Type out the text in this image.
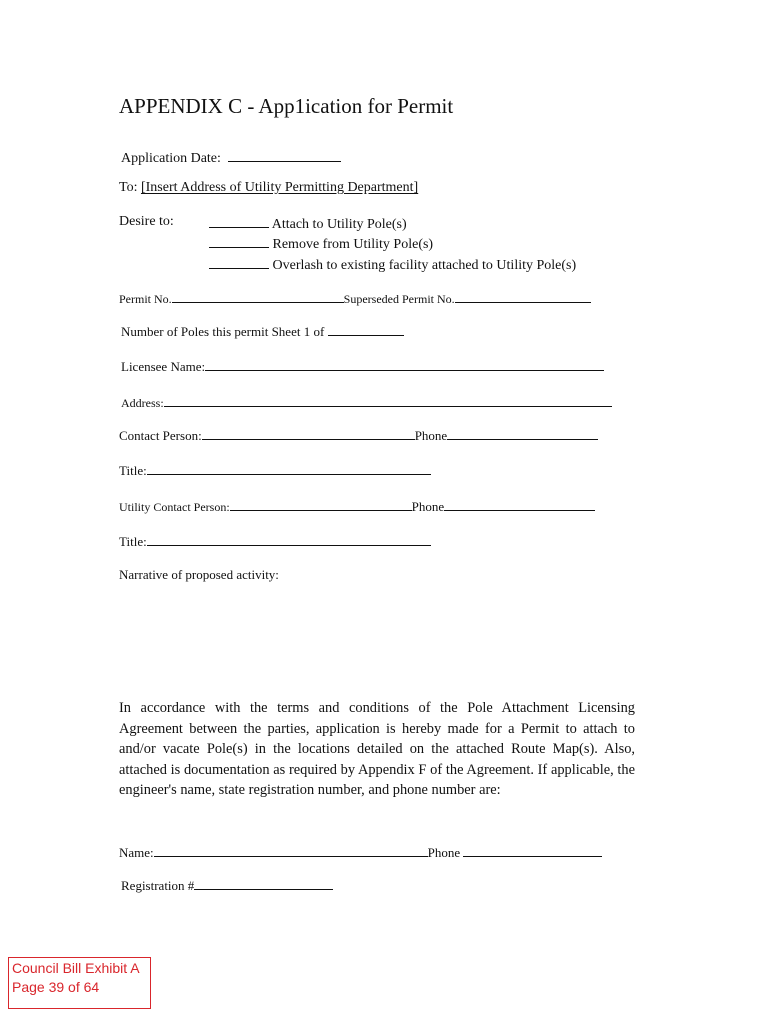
APPENDIX C - App1ication for Permit
Application Date:
To: [Insert Address of Utility Permitting Department]
Desire to:	Attach to Utility Pole(s)
Remove from Utility Pole(s)
Overlash to existing facility attached to Utility Pole(s)
Permit No.	Superseded Permit No.
Number of Poles this permit Sheet 1 of
Licensee Name:
Address:
Contact Person:	Phone
Title:
Utility Contact Person:	Phone
Title:
Narrative of proposed activity:
In accordance with the terms and conditions of the Pole Attachment Licensing Agreement between the parties, application is hereby made for a Permit to attach to and/or vacate Pole(s) in the locations detailed on the attached Route Map(s). Also, attached is documentation as required by Appendix F of the Agreement. If applicable, the engineer's name, state registration number, and phone number are:
Name:	Phone
Registration #
Council Bill Exhibit A
Page 39 of 64
